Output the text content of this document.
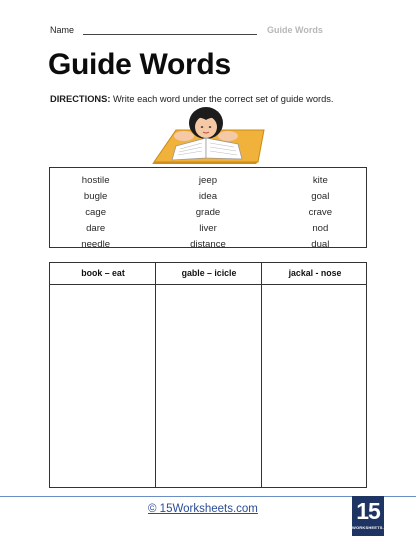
Name	Guide Words
Guide Words

DIRECTIONS: Write each word under the correct set of guide words.

hostile	jeep	kite
bugle	idea	goal
cage	grade	crave
dare	liver	nod
needle	distance	dual
book – eat	gable – icicle	jackal - nose
© 15Worksheets.com	15
WORKSHEETS.COM
